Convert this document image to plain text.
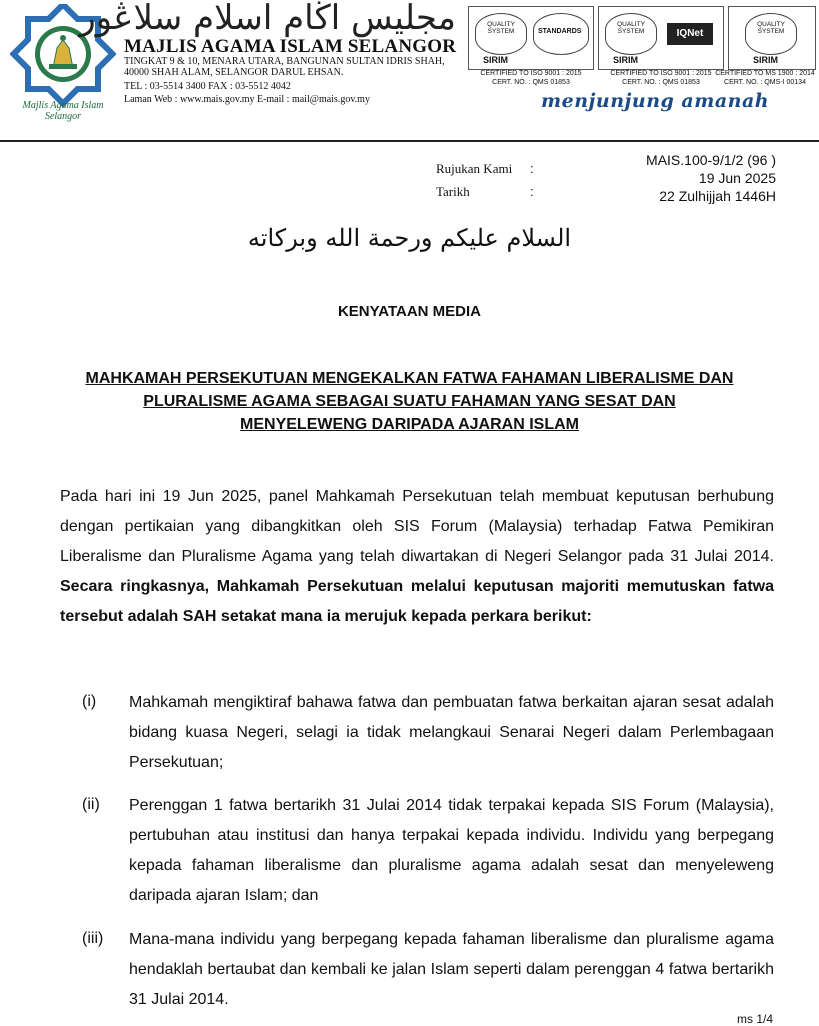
Majlis Agama Islam Selangor
مجليس اڬام اسلام سلاڠور
MAJLIS AGAMA ISLAM SELANGOR
TINGKAT 9 & 10, MENARA UTARA, BANGUNAN SULTAN IDRIS SHAH,
40000 SHAH ALAM, SELANGOR DARUL EHSAN.
TEL : 03-5514 3400 FAX : 03-5512 4042
Laman Web : www.mais.gov.my E-mail : mail@mais.gov.my
QUALITY
SYSTEM
SIRIM
STANDARDS
QUALITY
SYSTEM
SIRIM
IQNet
QUALITY
SYSTEM
SIRIM
CERTIFIED TO ISO 9001 : 2015
CERT. NO. : QMS 01853
CERTIFIED TO ISO 9001 : 2015
CERT. NO. : QMS 01853
CERTIFIED TO MS 1900 : 2014
CERT. NO. : QMS-I 00134
menjunjung amanah
Rujukan Kami :
Tarikh	:
MAIS.100-9/1/2 (96 )
19 Jun 2025
22 Zulhijjah 1446H
السلام عليكم ورحمة الله وبركاته
KENYATAAN MEDIA
MAHKAMAH PERSEKUTUAN MENGEKALKAN FATWA FAHAMAN LIBERALISME DAN
PLURALISME AGAMA SEBAGAI SUATU FAHAMAN YANG SESAT DAN
MENYELEWENG DARIPADA AJARAN ISLAM
Pada hari ini 19 Jun 2025, panel Mahkamah Persekutuan telah membuat keputusan berhubung dengan pertikaian yang dibangkitkan oleh SIS Forum (Malaysia) terhadap Fatwa Pemikiran Liberalisme dan Pluralisme Agama yang telah diwartakan di Negeri Selangor pada 31 Julai 2014. Secara ringkasnya, Mahkamah Persekutuan melalui keputusan majoriti memutuskan fatwa tersebut adalah SAH setakat mana ia merujuk kepada perkara berikut:
(i) Mahkamah mengiktiraf bahawa fatwa dan pembuatan fatwa berkaitan ajaran sesat adalah bidang kuasa Negeri, selagi ia tidak melangkaui Senarai Negeri dalam Perlembagaan Persekutuan;
(ii) Perenggan 1 fatwa bertarikh 31 Julai 2014 tidak terpakai kepada SIS Forum (Malaysia), pertubuhan atau institusi dan hanya terpakai kepada individu. Individu yang berpegang kepada fahaman liberalisme dan pluralisme agama adalah sesat dan menyeleweng daripada ajaran Islam; dan
(iii) Mana-mana individu yang berpegang kepada fahaman liberalisme dan pluralisme agama hendaklah bertaubat dan kembali ke jalan Islam seperti dalam perenggan 4 fatwa bertarikh 31 Julai 2014.
ms 1/4
